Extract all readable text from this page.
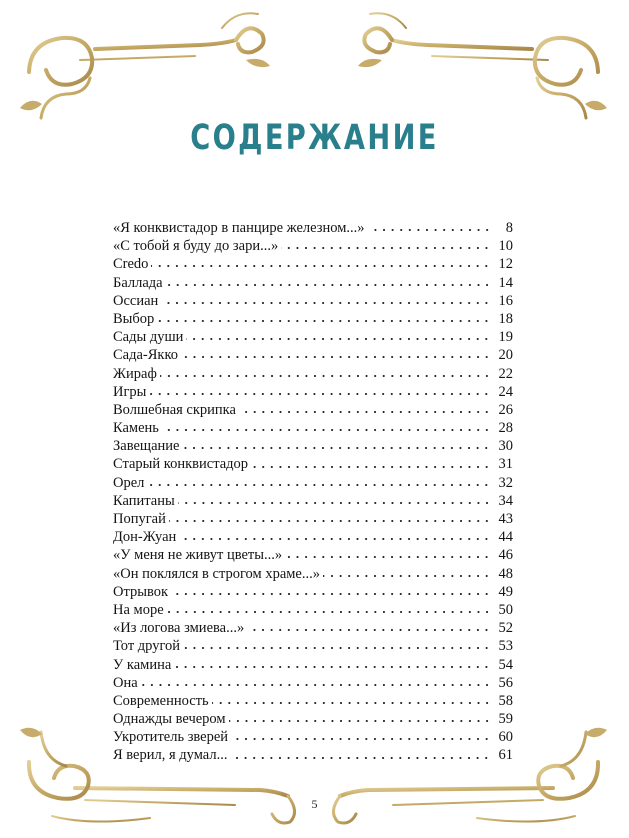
СОДЕРЖАНИЕ
«Я конквистадор в панцире железном...»	8
«С тобой я буду до зари...»	10
Credo	12
Баллада	14
Оссиан	16
Выбор	18
Сады души	19
Сада-Якко	20
Жираф	22
Игры	24
Волшебная скрипка	26
Камень	28
Завещание	30
Старый конквистадор	31
Орел	32
Капитаны	34
Попугай	43
Дон-Жуан	44
«У меня не живут цветы...»	46
«Он поклялся в строгом храме...»	48
Отрывок	49
На море	50
«Из логова змиева...»	52
Тот другой	53
У камина	54
Она	56
Современность	58
Однажды вечером	59
Укротитель зверей	60
Я верил, я думал...	61
5
